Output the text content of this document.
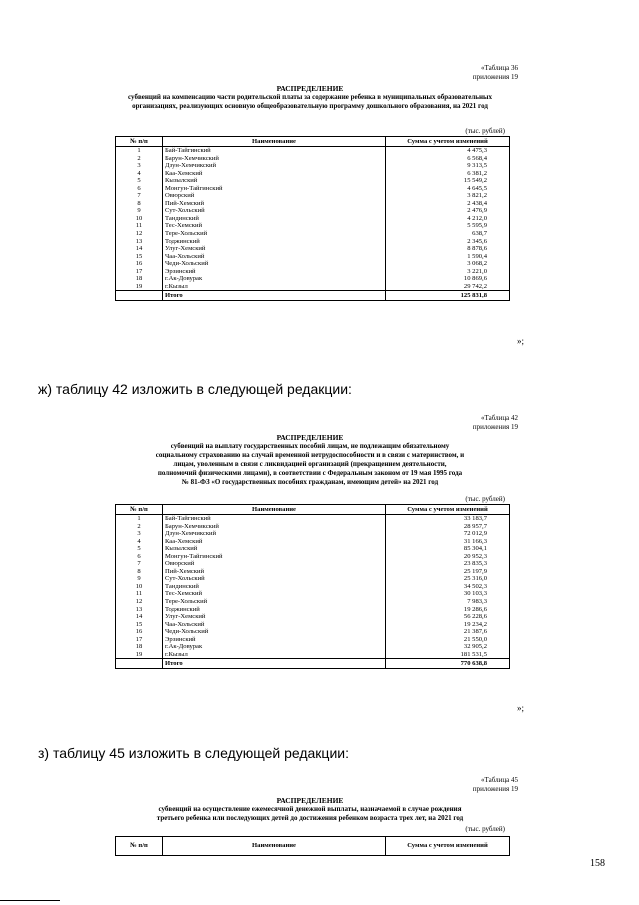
«Таблица 36
приложения 19
РАСПРЕДЕЛЕНИЕ
субвенций на компенсацию части родительской платы за содержание ребенка в муниципальных образовательных организациях, реализующих основную общеобразовательную программу дошкольного образования, на 2021 год
(тыс. рублей)
№ п/п	Наименование	Сумма с учетом изменений
1	Бай-Тайгинский	4 475,3
2	Барун-Хемчикский	6 568,4
3	Дзун-Хемчикский	9 313,5
4	Каа-Хемский	6 381,2
5	Кызылский	15 549,2
6	Монгун-Тайгинский	4 645,5
7	Овюрский	3 821,2
8	Пий-Хемский	2 438,4
9	Сут-Хольский	2 476,9
10	Тандинский	4 212,0
11	Тес-Хемский	5 595,9
12	Тере-Хольский	638,7
13	Тоджинский	2 345,6
14	Улуг-Хемский	8 878,6
15	Чаа-Хольский	1 590,4
16	Чеди-Хольский	3 068,2
17	Эрзинский	3 221,0
18	г.Ак-Довурак	10 869,6
19	г.Кызыл	29 742,2
	Итого	125 831,8
»;
ж) таблицу 42 изложить в следующей редакции:
«Таблица 42
приложения 19
РАСПРЕДЕЛЕНИЕ
субвенций на выплату государственных пособий лицам, не подлежащим обязательному
социальному страхованию на случай временной нетрудоспособности и в связи с материнством, и
лицам, уволенным в связи с ликвидацией организаций (прекращением деятельности,
полномочий физическими лицами), в соответствии с Федеральным законом от 19 мая 1995 года
№ 81-ФЗ «О государственных пособиях гражданам, имеющим детей» на 2021 год
(тыс. рублей)
№ п/п	Наименование	Сумма с учетом изменений
1	Бай-Тайгинский	33 183,7
2	Барун-Хемчикский	28 957,7
3	Дзун-Хемчикский	72 012,9
4	Каа-Хемский	31 166,3
5	Кызылский	85 304,1
6	Монгун-Тайгинский	20 952,3
7	Овюрский	23 835,3
8	Пий-Хемский	25 197,9
9	Сут-Хольский	25 316,0
10	Тандинский	34 502,3
11	Тес-Хемский	30 103,3
12	Тере-Хольский	7 983,3
13	Тоджинский	19 286,6
14	Улуг-Хемский	56 228,6
15	Чаа-Хольский	19 234,2
16	Чеди-Хольский	21 387,6
17	Эрзинский	21 550,0
18	г.Ак-Довурак	32 905,2
19	г.Кызыл	181 531,5
	Итого	770 638,8
»;
з) таблицу 45 изложить в следующей редакции:
«Таблица 45
приложения 19
РАСПРЕДЕЛЕНИЕ
субвенций на осуществление ежемесячной денежной выплаты, назначаемой в случае рождения
третьего ребенка или последующих детей до достижения ребенком возраста трех лет, на 2021 год
(тыс. рублей)
№ п/п	Наименование	Сумма с учетом изменений
158
